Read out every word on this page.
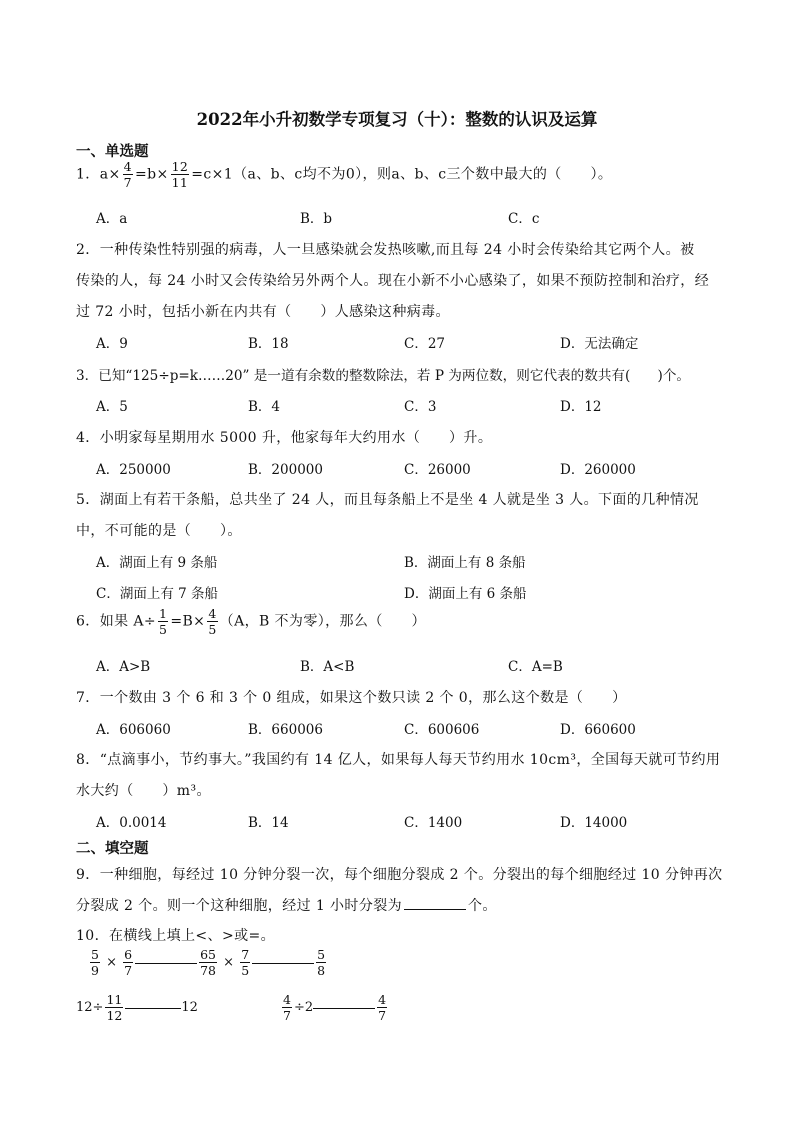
2022年小升初数学专项复习（十）：整数的认识及运算
一、单选题
1．$a\times \frac{4}{7} =b\times \frac{12}{11} =c\times 1(a$、b、c均不为0），则a、b、c三个数中最大的（　　）。
A．a	B．b	C．c
2．一种传染性特别强的病毒，人一旦感染就会发热咳嗽,而且每 24 小时会传染给其它两个人。被
传染的人，每 24 小时又会传染给另外两个人。现在小新不小心感染了，如果不预防控制和治疗，经
过 72 小时，包括小新在内共有（　　）人感染这种病毒。
A．9	B．18	C．27	D．无法确定
3．已知“125÷p=k……20” 是一道有余数的整数除法，若 P 为两位数，则它代表的数共有(　　)个。
A．5	B．4	C．3	D．12
4．小明家每星期用水 5000 升，他家每年大约用水（　　）升。
A．250000	B．200000	C．26000	D．260000
5．湖面上有若干条船，总共坐了 24 人，而且每条船上不是坐 4 人就是坐 3 人。下面的几种情况
中，不可能的是（　　）。
A．湖面上有 9 条船	B．湖面上有 8 条船
C．湖面上有 7 条船	D．湖面上有 6 条船
6．如果 $A\div \frac{1}{5} =B\times \frac{4}{5} (A$，B 不为零），那么（　　）
A．A>B	B．A<B	C．A=B
7．一个数由 3 个 6 和 3 个 0 组成，如果这个数只读 2 个 0，那么这个数是（　　）
A．606060	B．660006	C．600606	D．660600
8．“点滴事小，节约事大。”我国约有 14 亿人，如果每人每天节约用水 10cm³，全国每天就可节约用
水大约（　　）m³。
A．0.0014	B．14	C．1400	D．14000
二、填空题
9．一种细胞，每经过 10 分钟分裂一次，每个细胞分裂成 2 个。分裂出的每个细胞经过 10 分钟再次
分裂成 2 个。则一个这种细胞，经过 1 小时分裂为	个。
10．在横线上填上<、>或=。
$\frac{5}{9} \times \frac{6}{7}$	$\frac{65}{78} \times \frac{7}{5}$	$\frac{5}{8}$
$12\div \frac{11}{12}$	12	$\frac{4}{7} \div 2$	$\frac{4}{7}$
